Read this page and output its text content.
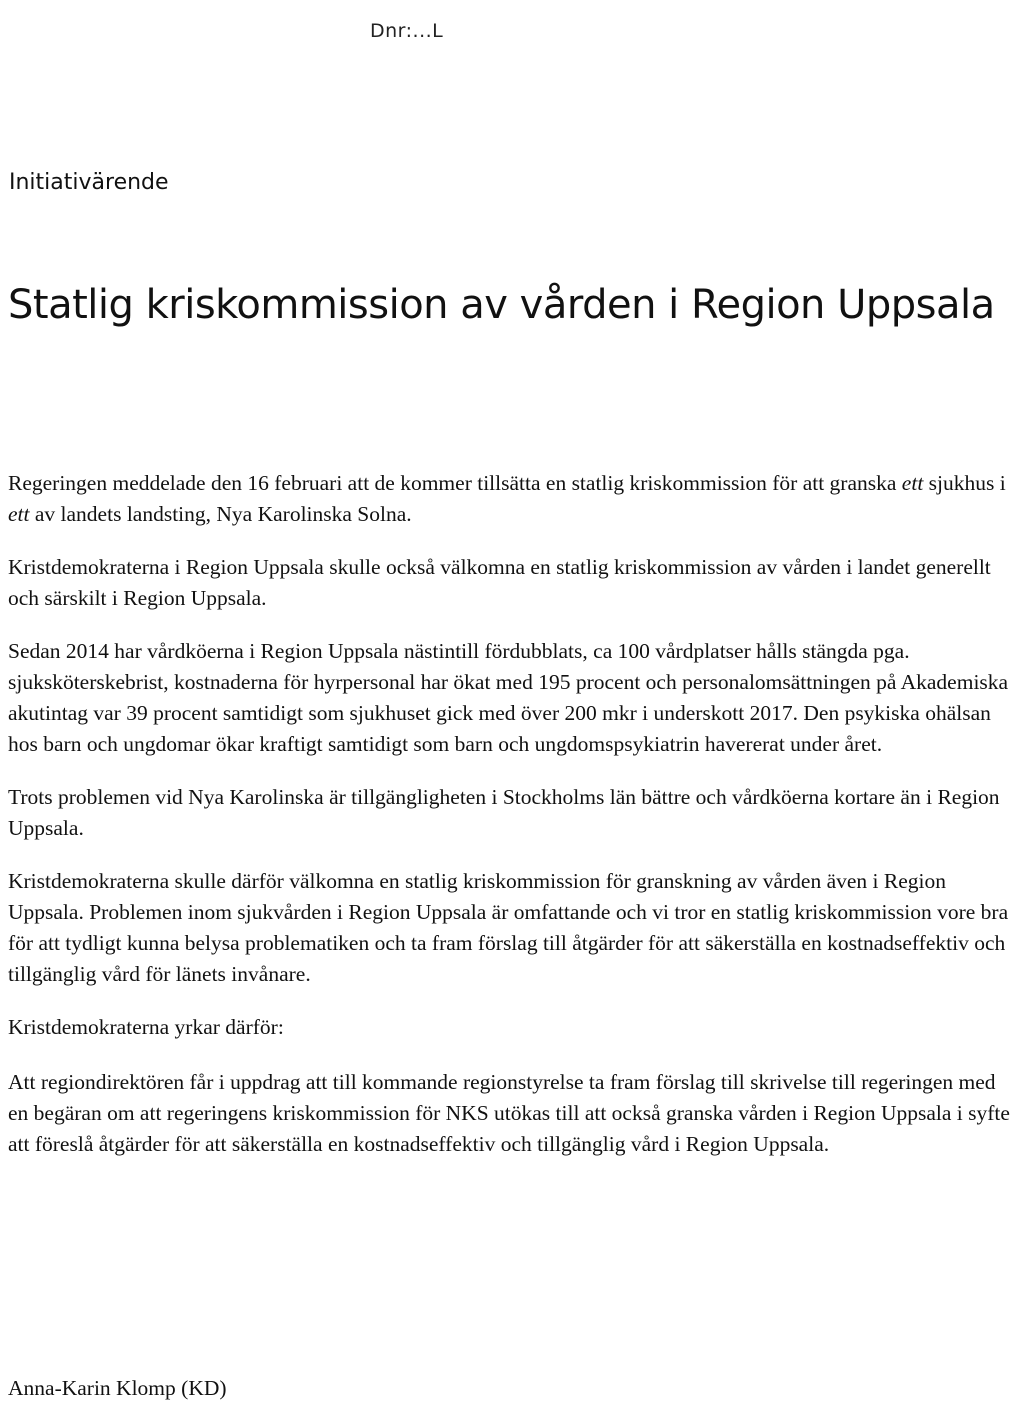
Dnr:...L
Initiativärende
Statlig kriskommission av vården i Region Uppsala

Regeringen meddelade den 16 februari att de kommer tillsätta en statlig kriskommission för att granska ett sjukhus i ett av landets landsting, Nya Karolinska Solna.

Kristdemokraterna i Region Uppsala skulle också välkomna en statlig kriskommission av vården i landet generellt och särskilt i Region Uppsala.

Sedan 2014 har vårdköerna i Region Uppsala nästintill fördubblats, ca 100 vårdplatser hålls stängda pga. sjuksköterskebrist, kostnaderna för hyrpersonal har ökat med 195 procent och personalomsättningen på Akademiska akutintag var 39 procent samtidigt som sjukhuset gick med över 200 mkr i underskott 2017. Den psykiska ohälsan hos barn och ungdomar ökar kraftigt samtidigt som barn och ungdomspsykiatrin havererat under året.

Trots problemen vid Nya Karolinska är tillgängligheten i Stockholms län bättre och vårdköerna kortare än i Region Uppsala.

Kristdemokraterna skulle därför välkomna en statlig kriskommission för granskning av vården även i Region Uppsala. Problemen inom sjukvården i Region Uppsala är omfattande och vi tror en statlig kriskommission vore bra för att tydligt kunna belysa problematiken och ta fram förslag till åtgärder för att säkerställa en kostnadseffektiv och tillgänglig vård för länets invånare.

Kristdemokraterna yrkar därför:

Att regiondirektören får i uppdrag att till kommande regionstyrelse ta fram förslag till skrivelse till regeringen med en begäran om att regeringens kriskommission för NKS utökas till att också granska vården i Region Uppsala i syfte att föreslå åtgärder för att säkerställa en kostnadseffektiv och tillgänglig vård i Region Uppsala.

Anna-Karin Klomp (KD)
